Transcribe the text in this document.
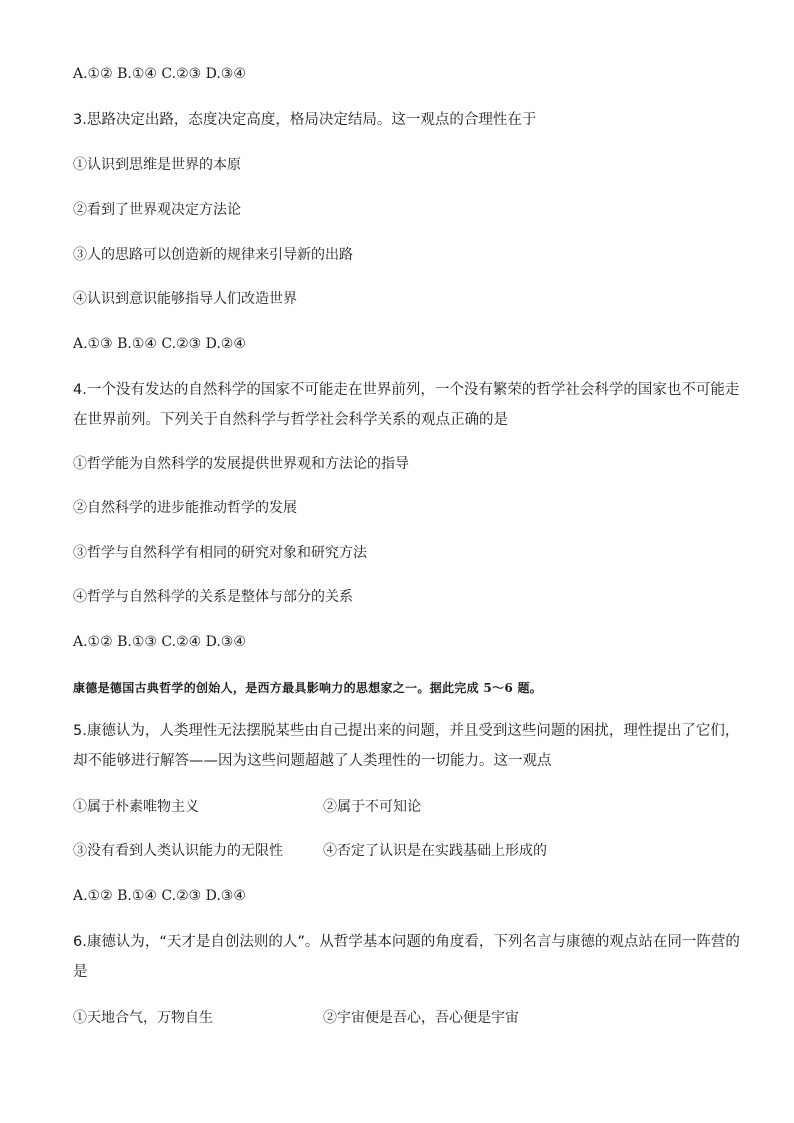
A.①② B.①④ C.②③ D.③④
3.思路决定出路，态度决定高度，格局决定结局。这一观点的合理性在于
①认识到思维是世界的本原
②看到了世界观决定方法论
③人的思路可以创造新的规律来引导新的出路
④认识到意识能够指导人们改造世界
A.①③ B.①④ C.②③ D.②④
4.一个没有发达的自然科学的国家不可能走在世界前列，一个没有繁荣的哲学社会科学的国家也不可能走
在世界前列。下列关于自然科学与哲学社会科学关系的观点正确的是
①哲学能为自然科学的发展提供世界观和方法论的指导
②自然科学的进步能推动哲学的发展
③哲学与自然科学有相同的研究对象和研究方法
④哲学与自然科学的关系是整体与部分的关系
A.①② B.①③ C.②④ D.③④
康德是德国古典哲学的创始人，是西方最具影响力的思想家之一。据此完成 5～6 题。
5.康德认为，人类理性无法摆脱某些由自己提出来的问题，并且受到这些问题的困扰，理性提出了它们，
却不能够进行解答——因为这些问题超越了人类理性的一切能力。这一观点
①属于朴素唯物主义	②属于不可知论
③没有看到人类认识能力的无限性	④否定了认识是在实践基础上形成的
A.①② B.①④ C.②③ D.③④
6.康德认为，“天才是自创法则的人”。从哲学基本问题的角度看，下列名言与康德的观点站在同一阵营的
是
①天地合气，万物自生	②宇宙便是吾心，吾心便是宇宙
